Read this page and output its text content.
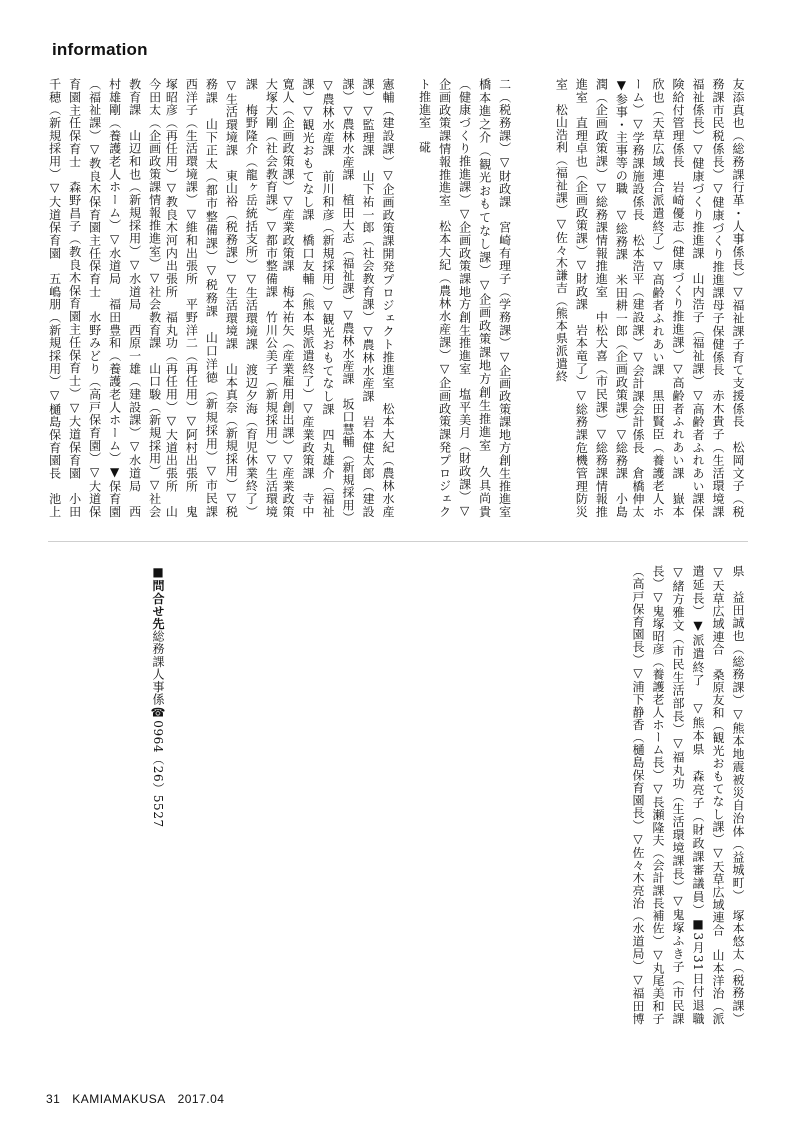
information
友添真也（総務課行革・人事係長）▽福祉課子育て支援係長　松岡文子（税務課市民税係長）▽健康づくり推進課母子保健係長　赤木貴子（生活環境課福祉係長）▽健康づくり推進課　山内浩子（福祉課）▽高齢者ふれあい課保険給付管理係長　岩崎優志（健康づくり推進課）▽高齢者ふれあい課　嶽本欣也（天草広域連合派遣終了）▽高齢者ふれあい課　黒田賢臣（養護老人ホーム）▽学務課施設係長　松本浩平（建設課）▽会計課会計係長　倉橋伸太　　　
▼参事・主事等の職　▽総務課　米田耕一郎（企画政策課）▽総務課　小島潤（企画政策課）▽総務課情報推進室　中松大喜（市民課）▽総務課情報推進室　直理卓也（企画政策課）▽財政課　岩本竜了）▽総務課危機管理防災室　松山浩利（福祉課）▽佐々木謙吉（熊本県派遣終
二（税務課）▽財政課　宮崎有理子（学務課）▽企画政策課地方創生推進室　橋本進之介（観光おもてなし課）▽企画政策課地方創生推進室　久具尚貴（健康づくり推進課）▽企画政策課地方創生推進室　塩平美月（財政課）▽企画政策課情報推進室　松本大紀（農林水産課）▽企画政策課発プロジェクト推進室　硴
憲輔（建設課）▽企画政策課開発プロジェクト推進室　松本大紀（農林水産課）▽監理課　山下祐一郎（社会教育課）▽農林水産課　岩本健太郎（建設課）▽農林水産課　植田大志（福祉課）▽農林水産課　坂口慧輔（新規採用）▽農林水産課　前川和彦（新規採用）▽観光おもてなし課　四丸雄介（福祉課）▽観光おもてなし課　橋口友輔（熊本県派遣終了）▽産業政策課　寺中寛人（企画政策課）▽産業政策課　梅本祐矢（産業雇用創出課）▽産業政策　　　　　　
大塚大剛（社会教育課）▽都市整備課　竹川公美子（新規採用）▽生活環境課　梅野隆介（龍ヶ岳統括支所）▽生活環境課　渡辺夕海（育児休業終了）▽生活環境課　東山裕（税務課）▽生活環境課　山本真奈（新規採用）▽税務課　山下正太（都市整備課）▽税務課　山口洋徳（新規採用）▽市民課　西洋子（生活環境課）▽維和出張所　平野洋二（再任用）▽阿村出張所　鬼塚昭彦（再任用）▽教良木河内出張所　福丸功（再任用）▽大道出張所　山　　　　　　　　　　　
今田太（企画政策課情報推進室）▽社会教育課　山口駿（新規採用）▽社会教育課　山辺和也（新規採用）▽水道局　西原一雄（建設課）▽水道局　西村雄剛（養護老人ホーム）▽水道局　福田豊和（養護老人ホーム）▼保育園（福祉課）▽教良木保育園主任保育士　水野みどり（高戸保育園）▽大道保育園主任保育士　森野昌子（教良木保育園主任保育士）▽大道保育園　小田千穂（新規採用）▽大道保育園　五嶋朋（新規採用）▽樋島保育園長　池上　　　　　　　　　　
県　益田誠也（総務課）▽熊本地震被災自治体（益城町）　塚本悠太（税務課）▽天草広域連合　桑原友和（観光おもてなし課）▽天草広域連合　山本洋治（派遣延長）▼派遣終了　▽熊本県　森亮子（財政課審議員）■3月31日付退職　▽緒方雅文（市民生活部長）▽福丸功（生活環境課長）▽鬼塚ふき子（市民課長）▽鬼塚昭彦（養護老人ホーム長）▽長瀬隆夫（会計課長補佐）▽丸尾美和子（高戸保育園長）▽浦下静香（樋島保育園長）▽佐々木亮治（水道局）▽福田博
■問合せ先総務課人事係☎0964（26）5527
31 KAMIAMAKUSA 2017.04
